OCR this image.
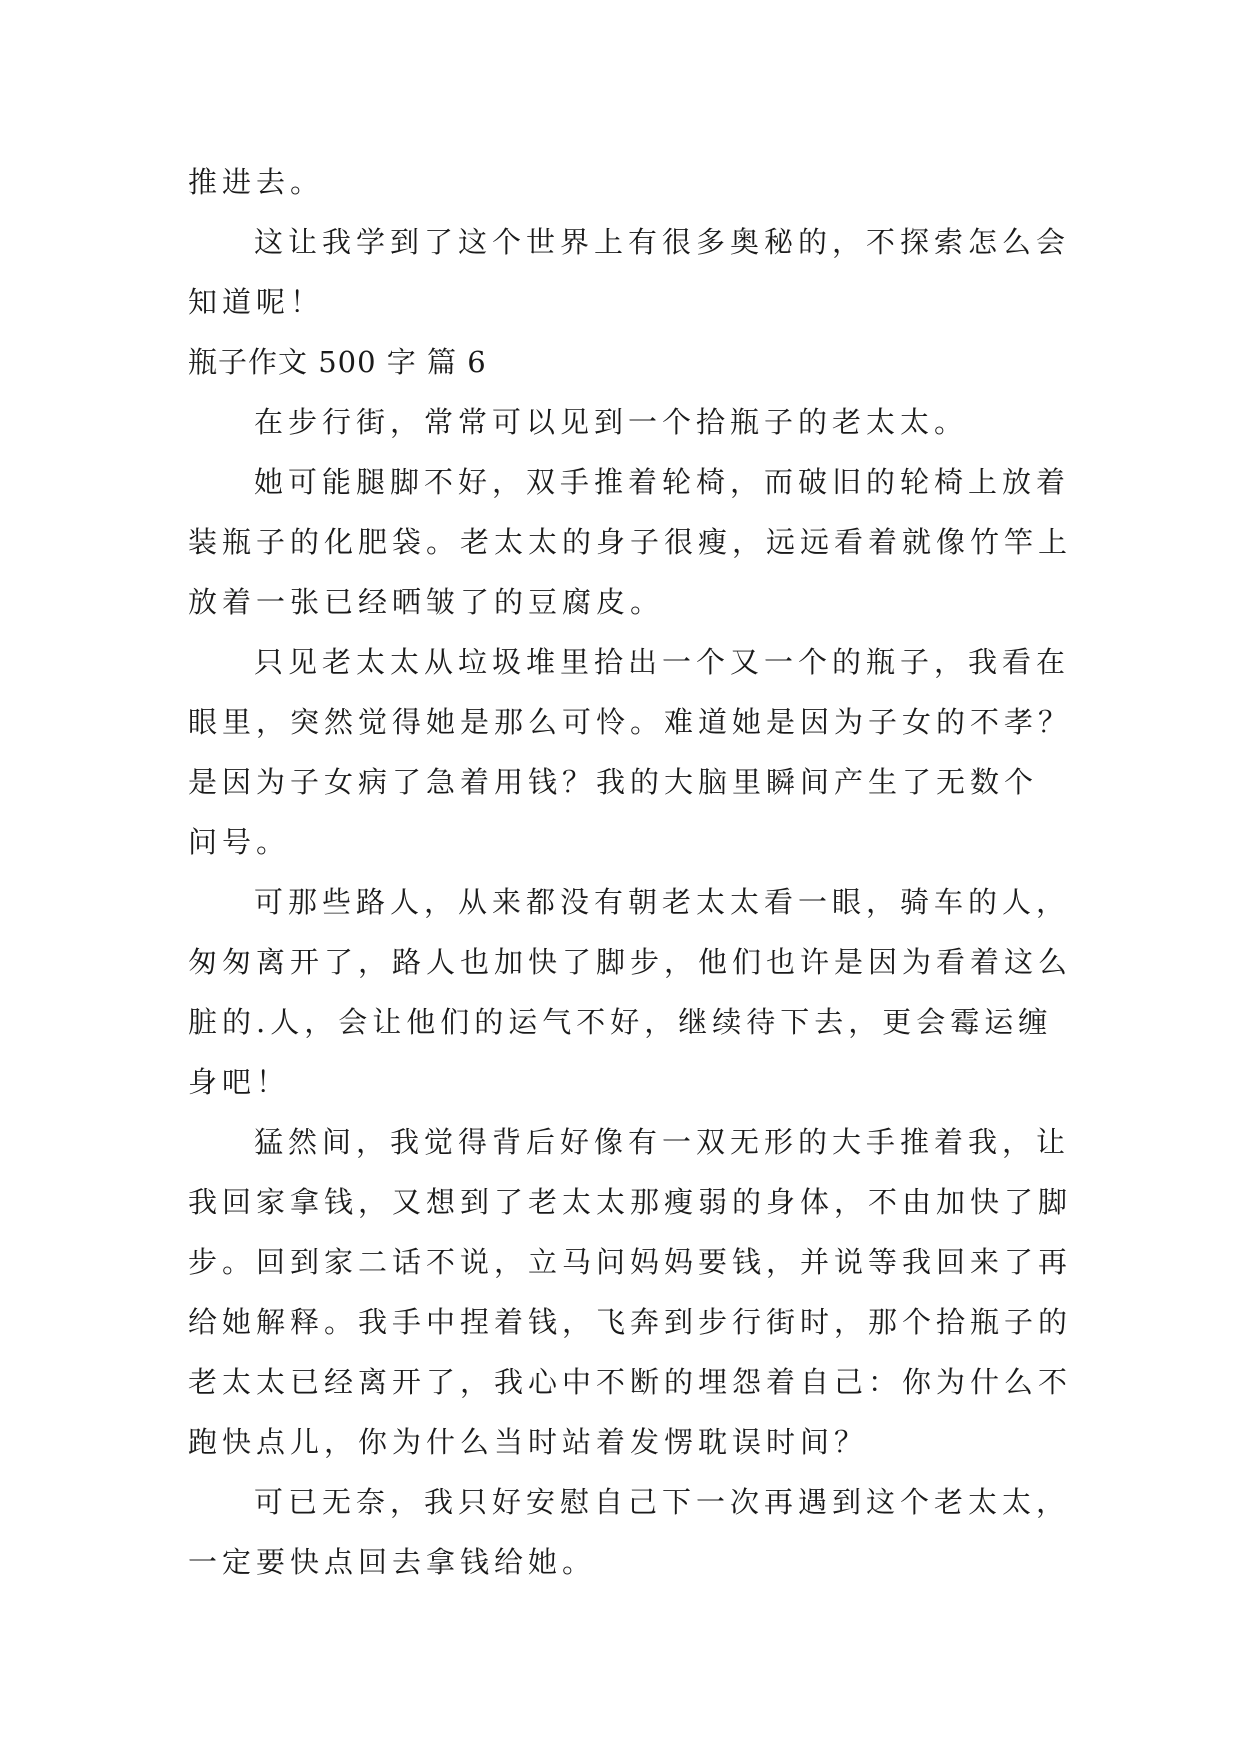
推进去。

这让我学到了这个世界上有很多奥秘的，不探索怎么会

知道呢！

瓶子作文 500 字 篇 6

在步行街，常常可以见到一个拾瓶子的老太太。

她可能腿脚不好，双手推着轮椅，而破旧的轮椅上放着

装瓶子的化肥袋。老太太的身子很瘦，远远看着就像竹竿上

放着一张已经晒皱了的豆腐皮。

只见老太太从垃圾堆里拾出一个又一个的瓶子，我看在

眼里，突然觉得她是那么可怜。难道她是因为子女的不孝？

是因为子女病了急着用钱？我的大脑里瞬间产生了无数个

问号。

可那些路人，从来都没有朝老太太看一眼，骑车的人，

匆匆离开了，路人也加快了脚步，他们也许是因为看着这么

脏的.人，会让他们的运气不好，继续待下去，更会霉运缠

身吧！

猛然间，我觉得背后好像有一双无形的大手推着我，让

我回家拿钱，又想到了老太太那瘦弱的身体，不由加快了脚

步。回到家二话不说，立马问妈妈要钱，并说等我回来了再

给她解释。我手中捏着钱，飞奔到步行街时，那个拾瓶子的

老太太已经离开了，我心中不断的埋怨着自己：你为什么不

跑快点儿，你为什么当时站着发愣耽误时间？

可已无奈，我只好安慰自己下一次再遇到这个老太太，

一定要快点回去拿钱给她。
